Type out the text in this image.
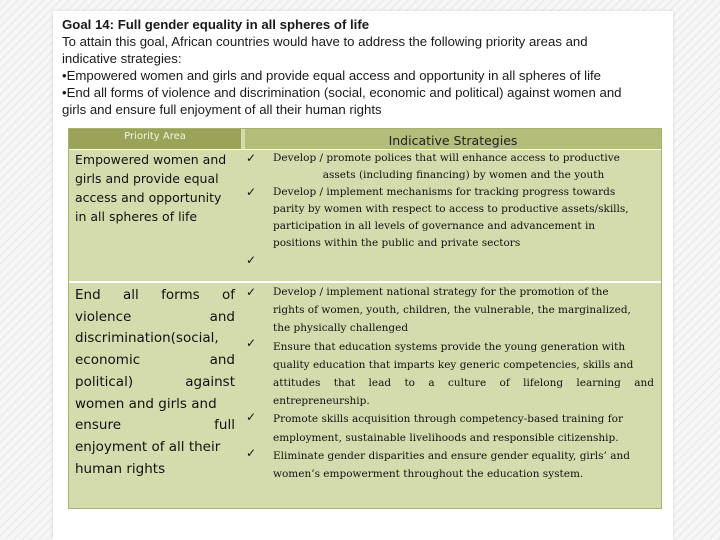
Goal 14: Full gender equality in all spheres of life

To attain this goal, African countries would have to address the following priority areas and

indicative strategies:

•Empowered women and girls and provide equal access and opportunity in all spheres of life

•End all forms of violence and discrimination (social, economic and political) against women and

girls and ensure full enjoyment of all their human rights

Priority Area	Indicative Strategies
Empowered women and
girls and provide equal
access and opportunity
in all spheres of life
✓
✓
✓
Develop / promote polices that will enhance access to productive
assets (including financing) by women and the youth
Develop / implement mechanisms for tracking progress towards
parity by women with respect to access to productive assets/skills,
participation in all levels of governance and advancement in
positions within the public and private sectors
End all forms of
violence and
discrimination(social,
economic and
political) against
women and girls and
ensure full
enjoyment of all their
human rights
✓
✓
✓
✓
Develop / implement national strategy for the promotion of the
rights of women, youth, children, the vulnerable, the marginalized,
the physically challenged
Ensure that education systems provide the young generation with
quality education that imparts key generic competencies, skills and
attitudes that lead to a culture of lifelong learning and
entrepreneurship.
Promote skills acquisition through competency-based training for
employment, sustainable livelihoods and responsible citizenship.
Eliminate gender disparities and ensure gender equality, girls’ and
women’s empowerment throughout the education system.
